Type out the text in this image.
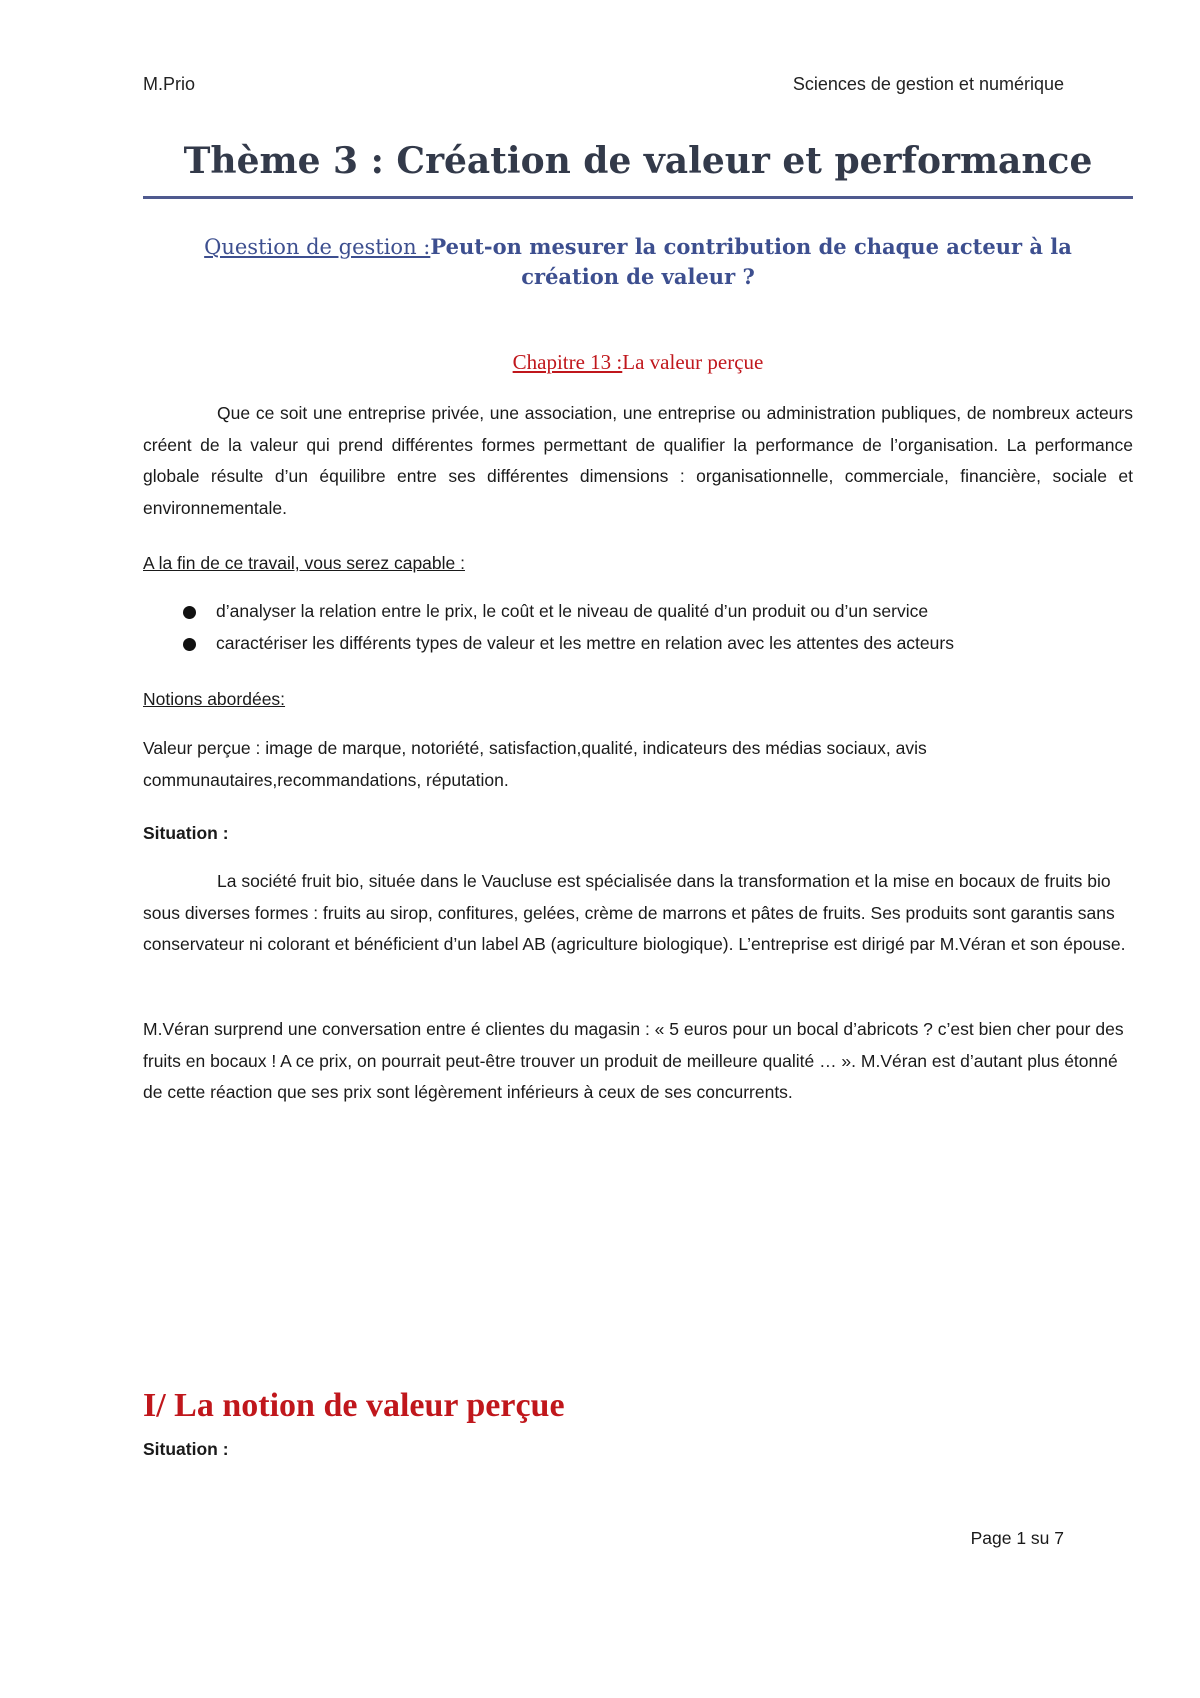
M.Prio	Sciences de gestion et numérique
Thème 3 : Création de valeur et performance
Question de gestion :Peut-on mesurer la contribution de chaque acteur à la création de valeur ?
Chapitre 13 :La valeur perçue
Que ce soit une entreprise privée, une association, une entreprise ou administration publiques, de nombreux acteurs créent de la valeur qui prend différentes formes permettant de qualifier la performance de l’organisation. La performance globale résulte d’un équilibre entre ses différentes dimensions : organisationnelle, commerciale, financière, sociale et environnementale.
A la fin de ce travail, vous serez capable :
d’analyser la relation entre le prix, le coût et le niveau de qualité d’un produit ou d’un service
caractériser les différents types de valeur et les mettre en relation avec les attentes des acteurs
Notions abordées:
Valeur perçue : image de marque, notoriété, satisfaction,qualité, indicateurs des médias sociaux, avis communautaires,recommandations, réputation.
Situation :
La société fruit bio, située dans le Vaucluse est spécialisée dans la transformation et la mise en bocaux de fruits bio sous diverses formes : fruits au sirop, confitures, gelées, crème de marrons et pâtes de fruits. Ses produits sont garantis sans conservateur ni colorant et bénéficient d’un label AB (agriculture biologique). L’entreprise est dirigé par M.Véran et son épouse.
M.Véran surprend une conversation entre é clientes du magasin : « 5 euros pour un bocal d’abricots ? c’est bien cher pour des fruits en bocaux ! A ce prix, on pourrait peut-être trouver un produit de meilleure qualité … ». M.Véran est d’autant plus étonné de cette réaction que ses prix sont légèrement inférieurs à ceux de ses concurrents.
I/ La notion de valeur perçue
Situation :
Page 1 su 7
